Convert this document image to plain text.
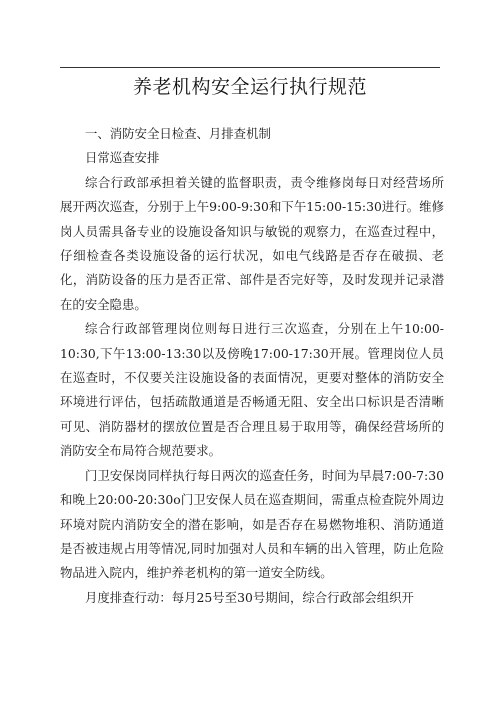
养老机构安全运行执行规范

一、消防安全日检查、月排查机制

日常巡查安排

综合行政部承担着关键的监督职责，责令维修岗每日对经营场所展开两次巡查，分别于上午9:00-9:30和下午15:00-15:30进行。维修岗人员需具备专业的设施设备知识与敏锐的观察力，在巡查过程中，仔细检查各类设施设备的运行状况，如电气线路是否存在破损、老化，消防设备的压力是否正常、部件是否完好等，及时发现并记录潜在的安全隐患。

综合行政部管理岗位则每日进行三次巡查，分别在上午10:00-10:30,下午13:00-13:30以及傍晚17:00-17:30开展。管理岗位人员在巡查时，不仅要关注设施设备的表面情况，更要对整体的消防安全环境进行评估，包括疏散通道是否畅通无阻、安全出口标识是否清晰可见、消防器材的摆放位置是否合理且易于取用等，确保经营场所的消防安全布局符合规范要求。

门卫安保岗同样执行每日两次的巡查任务，时间为早晨7:00-7:30和晚上20:00-20:30o门卫安保人员在巡查期间，需重点检查院外周边环境对院内消防安全的潜在影响，如是否存在易燃物堆积、消防通道是否被违规占用等情况,同时加强对人员和车辆的出入管理，防止危险物品进入院内，维护养老机构的第一道安全防线。

月度排查行动：每月25号至30号期间，综合行政部会组织开
